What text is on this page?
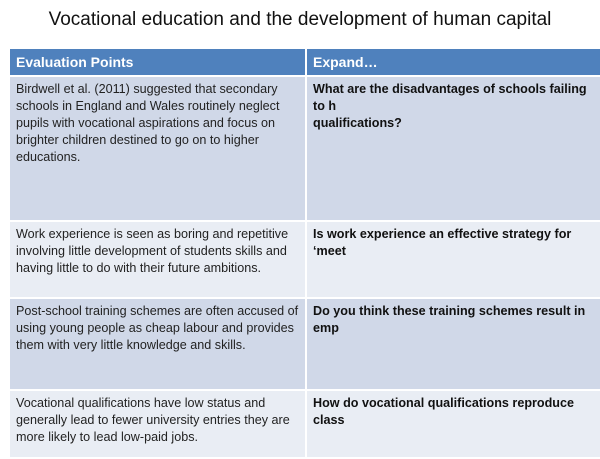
Vocational education and the development of human capital
Evaluation Points	Expand…
Birdwell et al. (2011) suggested that secondary schools in England and Wales routinely neglect pupils with vocational aspirations and focus on brighter children destined to go on to higher educations.
What are the disadvantages of schools failing to h
qualifications?
Work experience is seen as boring and repetitive involving little development of students skills and having little to do with their future ambitions.
Is work experience an effective strategy for ‘meet
Post-school training schemes are often accused of using young people as cheap labour and provides them with very little knowledge and skills.
Do you think these training schemes result in emp
Vocational qualifications have low status and generally lead to fewer university entries they are more likely to lead low-paid jobs.
How do vocational qualifications reproduce class
